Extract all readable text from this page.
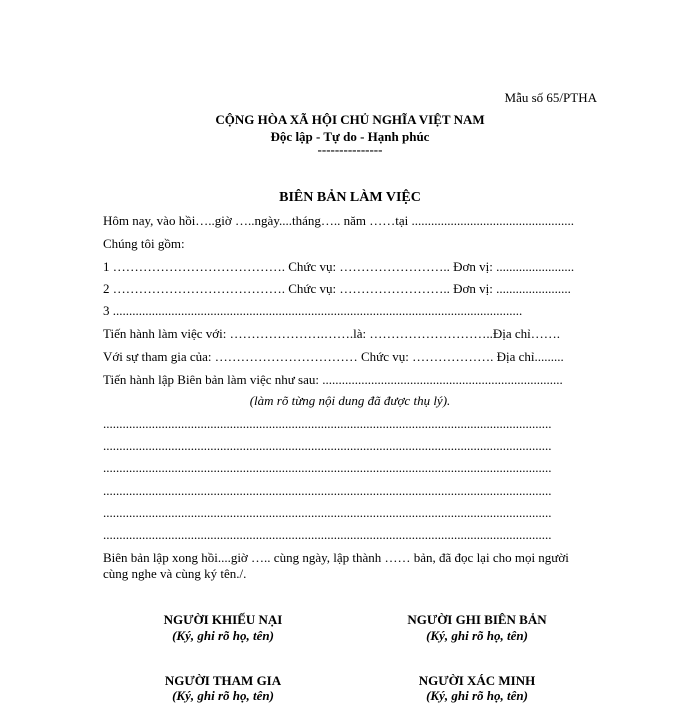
Mẫu số 65/PTHA
CỘNG HÒA XÃ HỘI CHỦ NGHĨA VIỆT NAM
Độc lập - Tự do - Hạnh phúc
---------------
BIÊN BẢN LÀM VIỆC
Hôm nay, vào hồi…..giờ …..ngày....tháng….. năm ……tại ..................................................
Chúng tôi gồm:
1 …………………………………. Chức vụ: …………………….. Đơn vị: ........................
2 …………………………………. Chức vụ: …………………….. Đơn vị: .......................
3 ..............................................................................................................................
Tiến hành làm việc với: ………………….…….là: ………………………..Địa chỉ…….
Với sự tham gia của: …………………………… Chức vụ: ………………. Địa chỉ.........
Tiến hành lập Biên bản làm việc như sau: ..........................................................................
(làm rõ từng nội dung đã được thụ lý).
..........................................................................................................................................
..........................................................................................................................................
..........................................................................................................................................
..........................................................................................................................................
..........................................................................................................................................
..........................................................................................................................................
Biên bản lập xong hồi....giờ ….. cùng ngày, lập thành …… bản, đã đọc lại cho mọi người
cùng nghe và cùng ký tên./.
NGƯỜI KHIẾU NẠI
(Ký, ghi rõ họ, tên)
NGƯỜI GHI BIÊN BẢN
(Ký, ghi rõ họ, tên)
NGƯỜI THAM GIA
(Ký, ghi rõ họ, tên)
NGƯỜI XÁC MINH
(Ký, ghi rõ họ, tên)
